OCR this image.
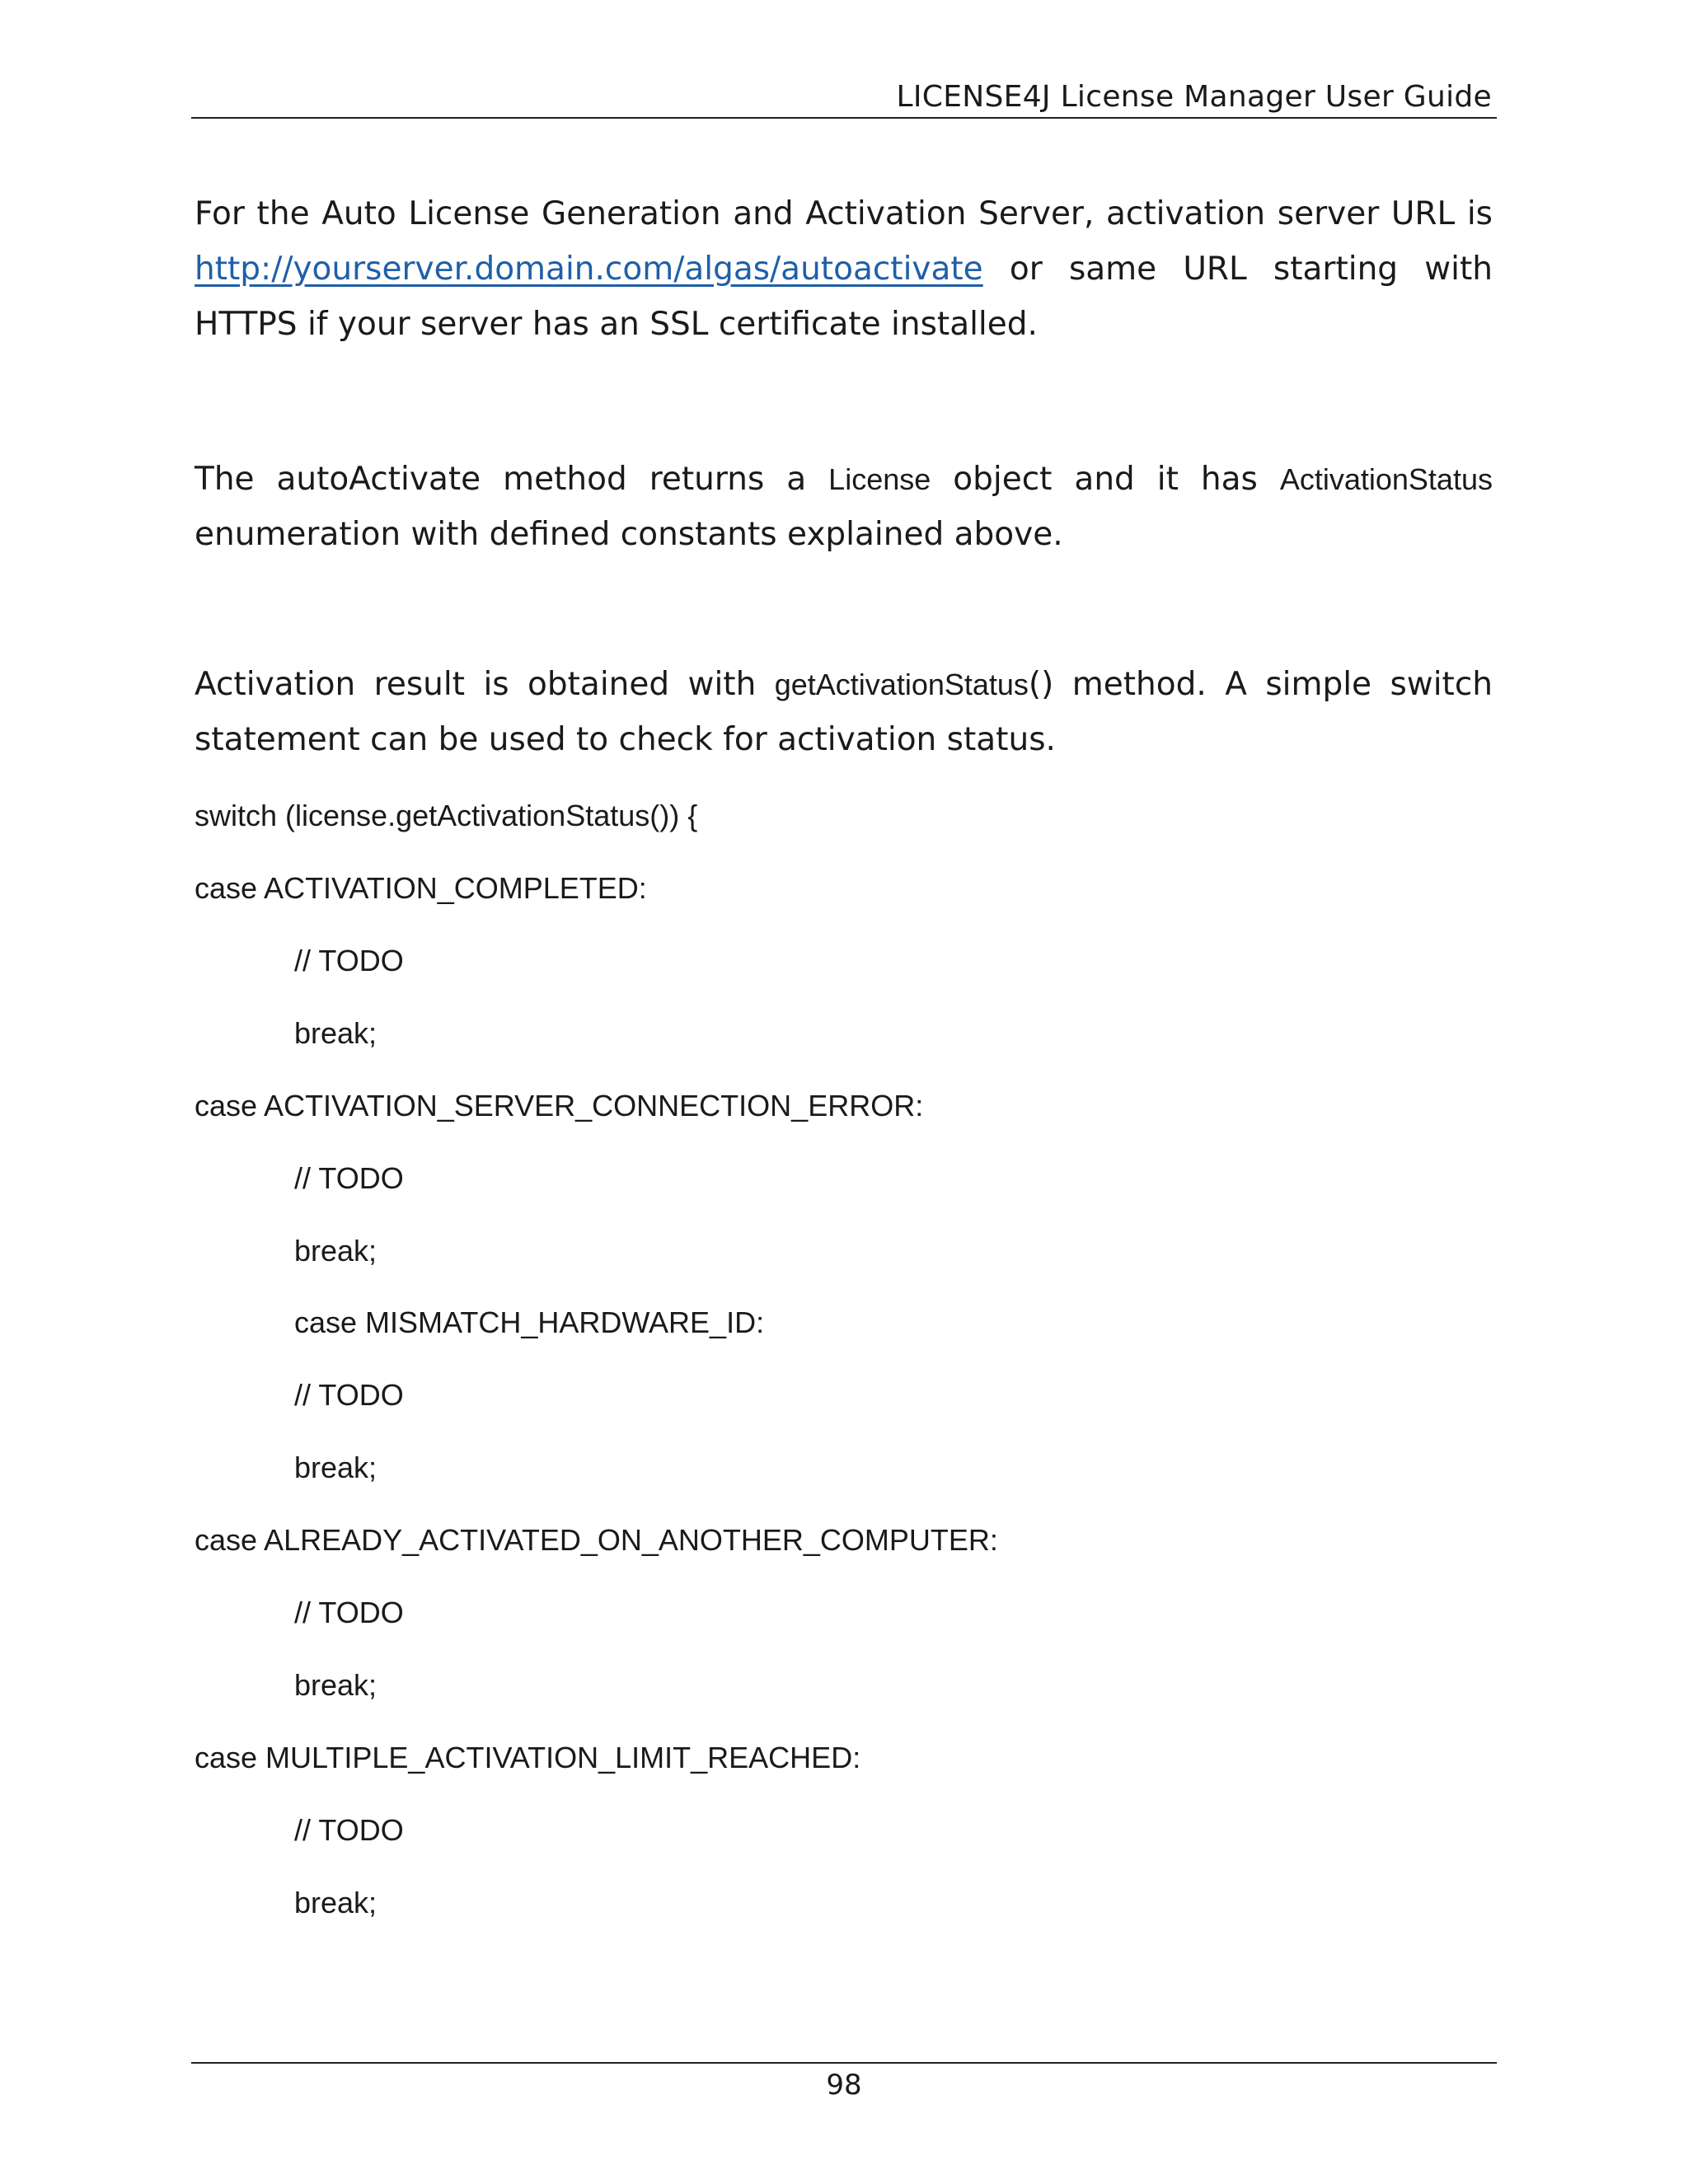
LICENSE4J License Manager User Guide

For the Auto License Generation and Activation Server, activation server URL is http://yourserver.domain.com/algas/autoactivate or same URL starting with HTTPS if your server has an SSL certificate installed.

The autoActivate method returns a License object and it has ActivationStatus enumeration with defined constants explained above.

Activation result is obtained with getActivationStatus() method. A simple switch statement can be used to check for activation status.

switch (license.getActivationStatus()) {
case ACTIVATION_COMPLETED:
// TODO
break;
case ACTIVATION_SERVER_CONNECTION_ERROR:
// TODO
break;
case MISMATCH_HARDWARE_ID:
// TODO
break;
case ALREADY_ACTIVATED_ON_ANOTHER_COMPUTER:
// TODO
break;
case MULTIPLE_ACTIVATION_LIMIT_REACHED:
// TODO
break;
98
